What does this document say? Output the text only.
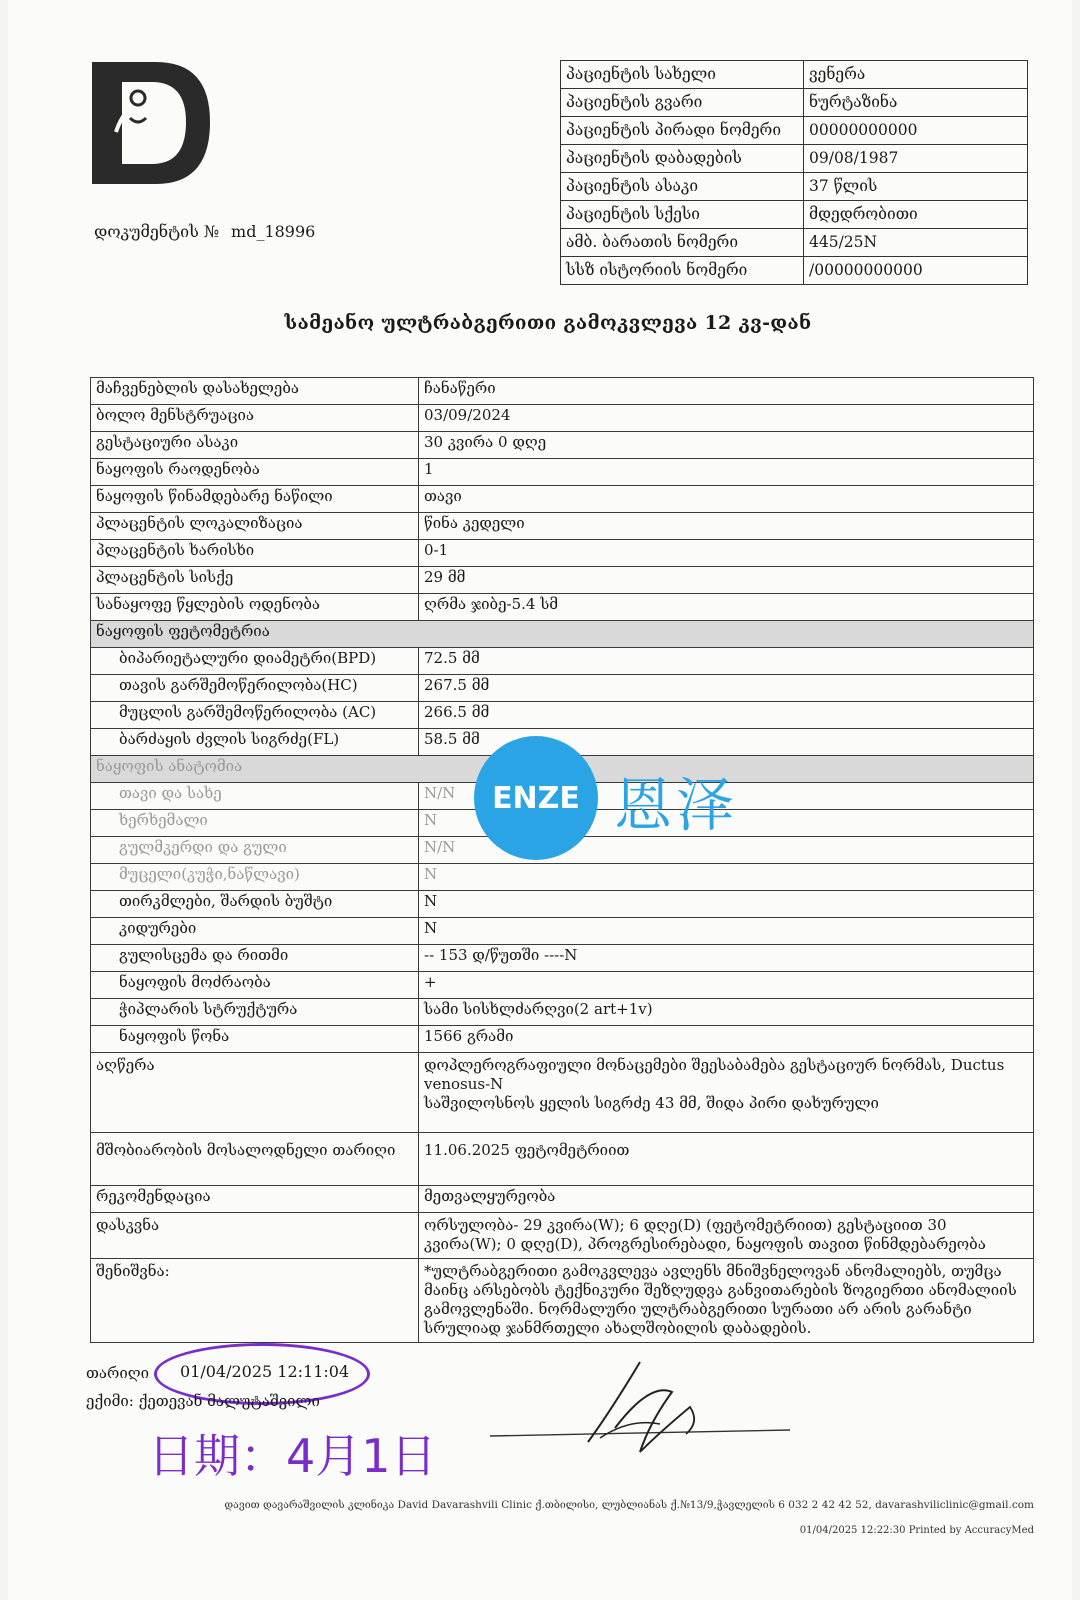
დოკუმენტის № md_18996
პაციენტის სახელი	ვენერა
პაციენტის გვარი	ნურტაზინა
პაციენტის პირადი ნომერი	00000000000
პაციენტის დაბადების	09/08/1987
პაციენტის ასაკი	37 წლის
პაციენტის სქესი	მდედრობითი
ამბ. ბარათის ნომერი	445/25N
სსზ ისტორიის ნომერი	/00000000000
სამეანო ულტრაბგერითი გამოკვლევა 12 კვ-დან
მაჩვენებლის დასახელება	ჩანაწერი
ბოლო მენსტრუაცია	03/09/2024
გესტაციური ასაკი	30 კვირა 0 დღე
ნაყოფის რაოდენობა	1
ნაყოფის წინამდებარე ნაწილი	თავი
პლაცენტის ლოკალიზაცია	წინა კედელი
პლაცენტის ხარისხი	0-1
პლაცენტის სისქე	29 მმ
სანაყოფე წყლების ოდენობა	ღრმა ჯიბე-5.4 სმ
ნაყოფის ფეტომეტრია	
ბიპარიეტალური დიამეტრი(BPD)	72.5 მმ
თავის გარშემოწერილობა(HC)	267.5 მმ
მუცლის გარშემოწერილობა (AC)	266.5 მმ
ბარძაყის ძვლის სიგრძე(FL)	58.5 მმ
ნაყოფის ანატომია	
თავი და სახე	N/N
ხერხემალი	N
გულმკერდი და გული	N/N
მუცელი(კუჭი,ნაწლავი)	N
თირკმლები, შარდის ბუშტი	N
კიდურები	N
გულისცემა და რითმი	-- 153 დ/წუთში ----N
ნაყოფის მოძრაობა	+
ჭიპლარის სტრუქტურა	სამი სისხლძარღვი(2 art+1v)
ნაყოფის წონა	1566 გრამი
აღწერა	დოპლეროგრაფიული მონაცემები შეესაბამება გესტაციურ ნორმას, Ductus venosus-N
საშვილოსნოს ყელის სიგრძე 43 მმ, შიდა პირი დახურული

მშობიარობის მოსალოდნელი თარიღი	11.06.2025 ფეტომეტრიით
რეკომენდაცია	მეთვალყურეობა
დასკვნა	ორსულობა- 29 კვირა(W); 6 დღე(D) (ფეტომეტრიით) გესტაციით 30 კვირა(W); 0 დღე(D), პროგრესირებადი, ნაყოფის თავით წინმდებარეობა
შენიშვნა:	*ულტრაბგერითი გამოკვლევა ავლენს მნიშვნელოვან ანომალიებს, თუმცა მაინც არსებობს ტექნიკური შეზღუდვა განვითარების ზოგიერთი ანომალიის გამოვლენაში. ნორმალური ულტრაბგერითი სურათი არ არის გარანტი სრულიად ჯანმრთელი ახალშობილის დაბადების.
ENZE 恩泽
თარიღი 01/04/2025 12:11:04
ექიმი: ქეთევან მალუტაშვილი
日期：4月1日
დავით დავარაშვილის კლინიკა David Davarashvili Clinic ქ.თბილისი, ლუბლიანას ქ.№13/9,ჭავლელის 6 032 2 42 42 52, davarashviliclinic@gmail.com
01/04/2025 12:22:30 Printed by AccuracyMed
